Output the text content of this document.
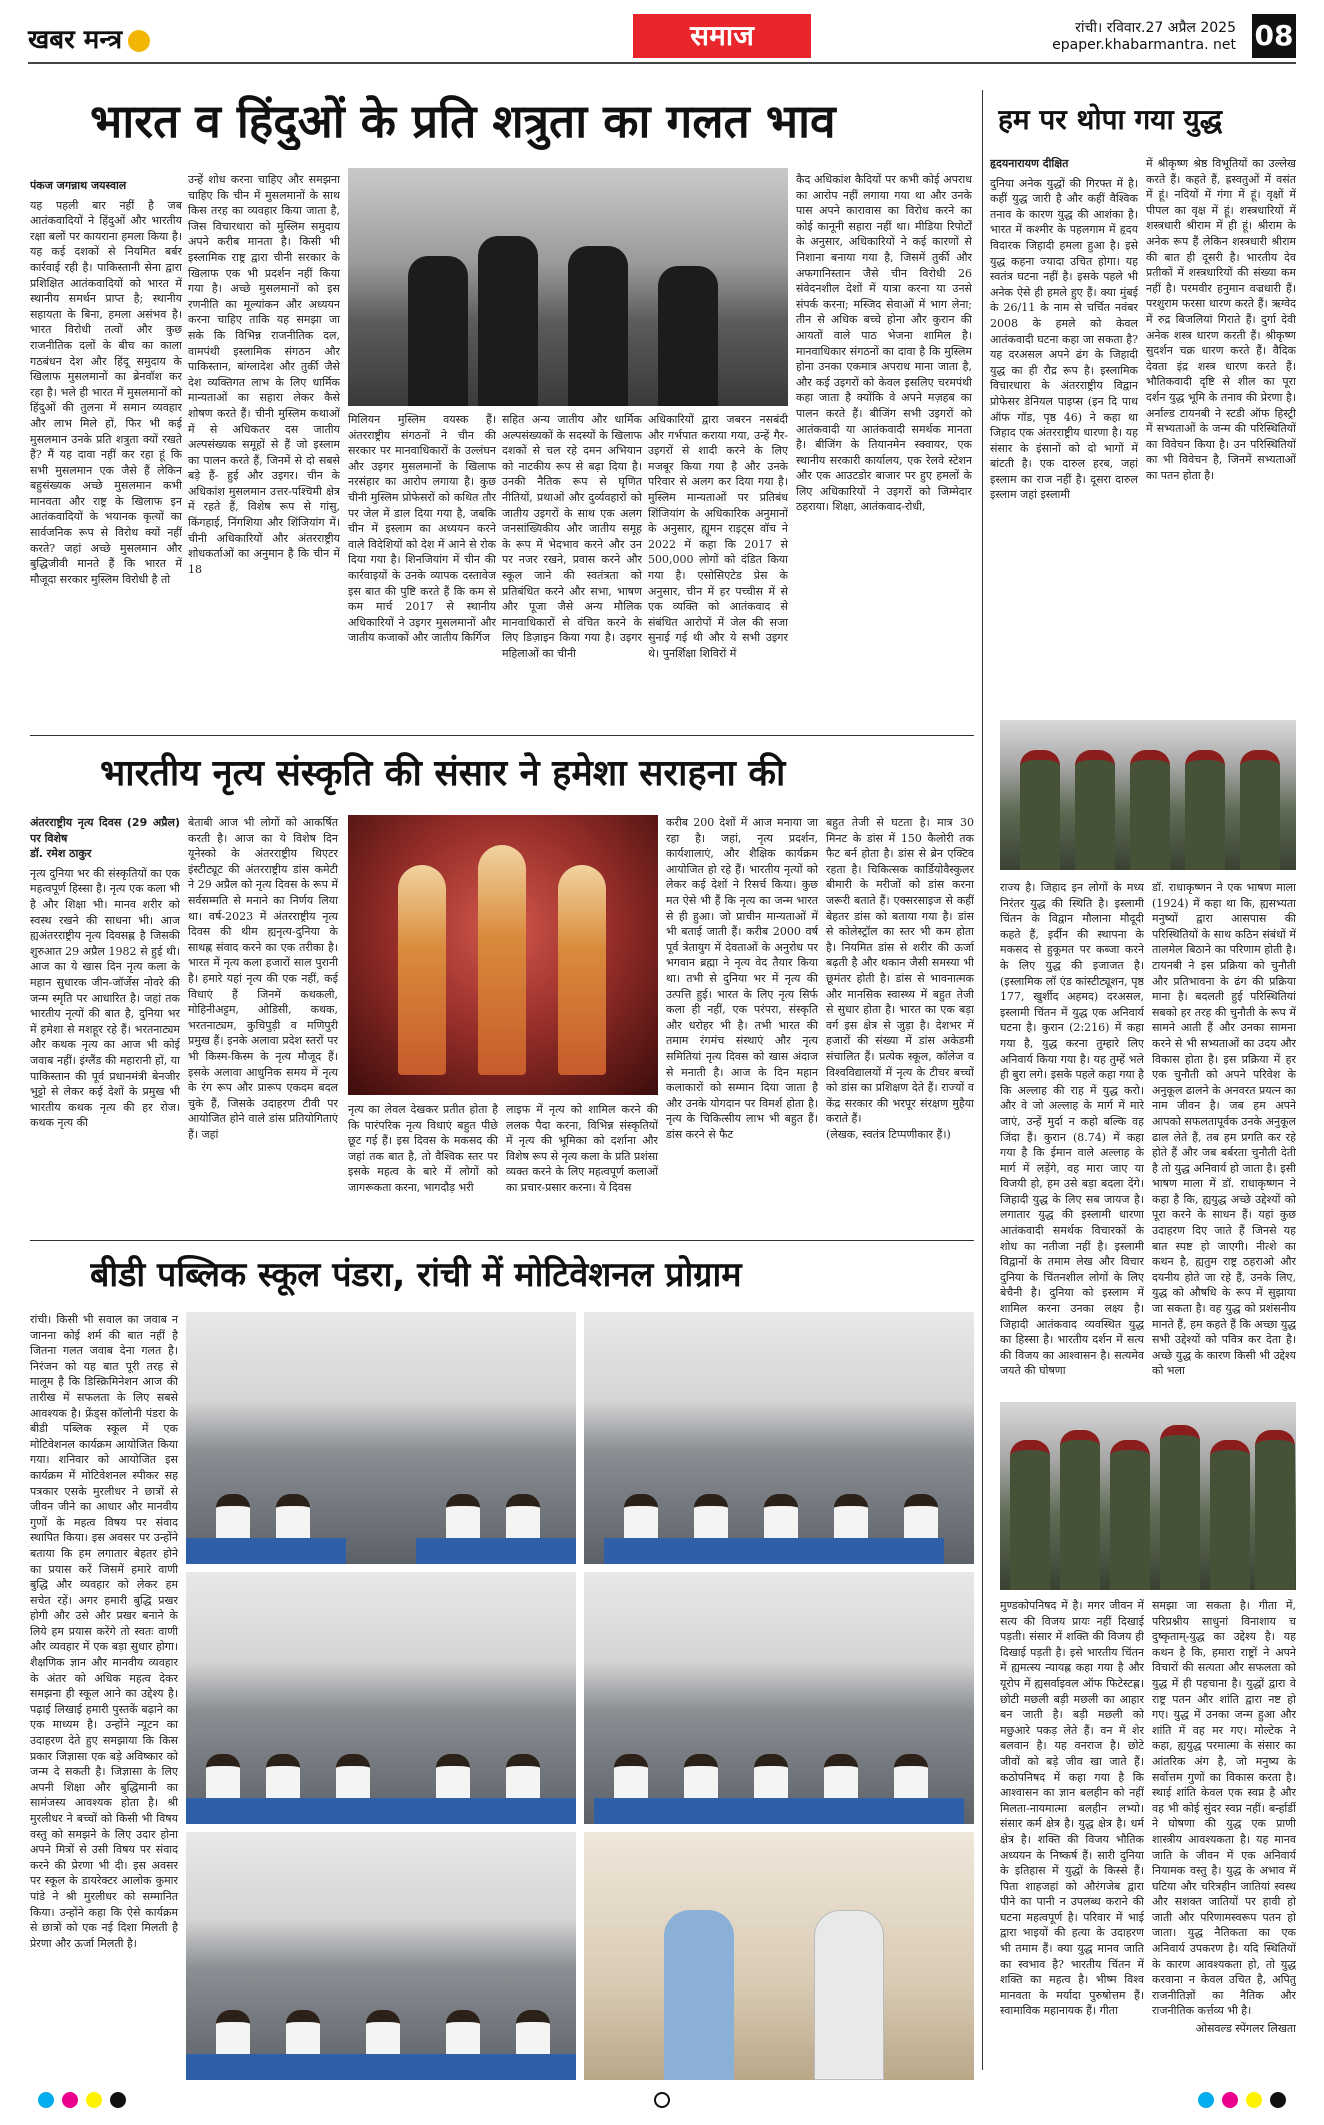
खबर मन्त्र	समाज	रांची। रविवार.27 अप्रैल 2025
epaper.khabarmantra. net 08
भारत व हिंदुओं के प्रति शत्रुता का गलत भाव
पंकज जगन्नाथ जयस्वाल
यह पहली बार नहीं है जब आतंकवादियों ने हिंदुओं और भारतीय रक्षा बलों पर कायराना हमला किया है। यह कई दशकों से नियमित बर्बर कार्रवाई रही है। पाकिस्तानी सेना द्वारा प्रशिक्षित आतंकवादियों को भारत में स्थानीय समर्थन प्राप्त है; स्थानीय सहायता के बिना, हमला असंभव है। भारत विरोधी तत्वों और कुछ राजनीतिक दलों के बीच का काला गठबंधन देश और हिंदू समुदाय के खिलाफ मुसलमानों का ब्रेनवॉश कर रहा है। भले ही भारत में मुसलमानों को हिंदुओं की तुलना में समान व्यवहार और लाभ मिले हों, फिर भी कई मुसलमान उनके प्रति शत्रुता क्यों रखते हैं? मैं यह दावा नहीं कर रहा हूं कि सभी मुसलमान एक जैसे हैं लेकिन बहुसंख्यक अच्छे मुसलमान कभी मानवता और राष्ट्र के खिलाफ इन आतंकवादियों के भयानक कृत्यों का सार्वजनिक रूप से विरोध क्यों नहीं करते? जहां अच्छे मुसलमान और बुद्धिजीवी मानते हैं कि भारत में मौजूदा सरकार मुस्लिम विरोधी है तो
उन्हें शोध करना चाहिए और समझना चाहिए कि चीन में मुसलमानों के साथ किस तरह का व्यवहार किया जाता है, जिस विचारधारा को मुस्लिम समुदाय अपने करीब मानता है। किसी भी इस्लामिक राष्ट्र द्वारा चीनी सरकार के खिलाफ एक भी प्रदर्शन नहीं किया गया है। अच्छे मुसलमानों को इस रणनीति का मूल्यांकन और अध्ययन करना चाहिए ताकि यह समझा जा सके कि विभिन्न राजनीतिक दल, वामपंथी इस्लामिक संगठन और पाकिस्तान, बांग्लादेश और तुर्की जैसे देश व्यक्तिगत लाभ के लिए धार्मिक मान्यताओं का सहारा लेकर कैसे शोषण करते हैं। चीनी मुस्लिम कथाओं में से अधिकतर दस जातीय अल्पसंख्यक समूहों से हैं जो इस्लाम का पालन करते हैं, जिनमें से दो सबसे बड़े हैं- हुई और उइगर। चीन के अधिकांश मुसलमान उत्तर-पश्चिमी क्षेत्र में रहते हैं, विशेष रूप से गांसु, किंगहाई, निंगशिया और शिंजियांग में। चीनी अधिकारियों और अंतरराष्ट्रीय शोधकर्ताओं का अनुमान है कि चीन में 18
मिलियन मुस्लिम वयस्क हैं। अंतरराष्ट्रीय संगठनों ने चीन की सरकार पर मानवाधिकारों के उल्लंघन और उइगर मुसलमानों के खिलाफ नरसंहार का आरोप लगाया है। कुछ चीनी मुस्लिम प्रोफेसरों को कथित तौर पर जेल में डाल दिया गया है, जबकि चीन में इस्लाम का अध्ययन करने वाले विदेशियों को देश में आने से रोक दिया गया है। शिनजियांग में चीन की कार्रवाइयों के उनके व्यापक दस्तावेज इस बात की पुष्टि करते हैं कि कम से कम मार्च 2017 से स्थानीय अधिकारियों ने उइगर मुसलमानों और जातीय कजाकों और जातीय किर्गिज
सहित अन्य जातीय और धार्मिक अल्पसंख्यकों के सदस्यों के खिलाफ दशकों से चल रहे दमन अभियान को नाटकीय रूप से बढ़ा दिया है। उनकी नैतिक रूप से घृणित नीतियों, प्रथाओं और दुर्व्यवहारों को जातीय उइगरों के साथ एक अलग जनसांख्यिकीय और जातीय समूह के रूप में भेदभाव करने और उन पर नजर रखने, प्रवास करने और स्कूल जाने की स्वतंत्रता को प्रतिबंधित करने और सभा, भाषण और पूजा जैसे अन्य मौलिक मानवाधिकारों से वंचित करने के लिए डिज़ाइन किया गया है। उइगर महिलाओं का चीनी
अधिकारियों द्वारा जबरन नसबंदी और गर्भपात कराया गया, उन्हें गैर-उइगरों से शादी करने के लिए मजबूर किया गया है और उनके परिवार से अलग कर दिया गया है। मुस्लिम मान्यताओं पर प्रतिबंध शिंजियांग के अधिकारिक अनुमानों के अनुसार, ह्यूमन राइट्स वॉच ने 2022 में कहा कि 2017 से 500,000 लोगों को दंडित किया गया है। एसोसिएटेड प्रेस के अनुसार, चीन में हर पच्चीस में से एक व्यक्ति को आतंकवाद से संबंधित आरोपों में जेल की सजा सुनाई गई थी और ये सभी उइगर थे। पुनर्शिक्षा शिविरों में
कैद अधिकांश कैदियों पर कभी कोई अपराध का आरोप नहीं लगाया गया था और उनके पास अपने कारावास का विरोध करने का कोई कानूनी सहारा नहीं था। मीडिया रिपोर्टों के अनुसार, अधिकारियों ने कई कारणों से निशाना बनाया गया है, जिसमें तुर्की और अफगानिस्तान जैसे चीन विरोधी 26 संवेदनशील देशों में यात्रा करना या उनसे संपर्क करना; मस्जिद सेवाओं में भाग लेना; तीन से अधिक बच्चे होना और कुरान की आयतों वाले पाठ भेजना शामिल है। मानवाधिकार संगठनों का दावा है कि मुस्लिम होना उनका एकमात्र अपराध माना जाता है, और कई उइगरों को केवल इसलिए चरमपंथी कहा जाता है क्योंकि वे अपने मज़हब का पालन करते हैं। बीजिंग सभी उइगरों को आतंकवादी या आतंकवादी समर्थक मानता है। बीजिंग के तियानमेन स्क्वायर, एक स्थानीय सरकारी कार्यालय, एक रेलवे स्टेशन और एक आउटडोर बाजार पर हुए हमलों के लिए अधिकारियों ने उइगरों को जिम्मेदार ठहराया। शिक्षा, आतंकवाद-रोधी,
हम पर थोपा गया युद्ध
हृदयनारायण दीक्षित
दुनिया अनेक युद्धों की गिरफ्त में है। कहीं युद्ध जारी है और कहीं वैश्विक तनाव के कारण युद्ध की आशंका है। भारत में कश्मीर के पहलगाम में हृदय विदारक जिहादी हमला हुआ है। इसे युद्ध कहना ज्यादा उचित होगा। यह स्वतंत्र घटना नहीं है। इसके पहले भी अनेक ऐसे ही हमले हुए हैं। क्या मुंबई के 26/11 के नाम से चर्चित नवंबर 2008 के हमले को केवल आतंकवादी घटना कहा जा सकता है? यह दरअसल अपने ढंग के जिहादी युद्ध का ही रौद्र रूप है। इस्लामिक विचारधारा के अंतरराष्ट्रीय विद्वान प्रोफेसर डेनियल पाइप्स (इन दि पाथ ऑफ गॉड, पृष्ठ 46) ने कहा था जिहाद एक अंतरराष्ट्रीय धारणा है। यह संसार के इंसानों को दो भागों में बांटती है। एक दारुल हरब, जहां इस्लाम का राज नहीं है। दूसरा दारुल इस्लाम जहां इस्लामी
में श्रीकृष्ण श्रेष्ठ विभूतियों का उल्लेख करते हैं। कहते हैं, ह्रस्वतुओं में वसंत में हूं। नदियों में गंगा में हूं। वृक्षों में पीपल का वृक्ष में हूं। शस्त्रधारियों में शस्त्रधारी श्रीराम में ही हूं। श्रीराम के अनेक रूप हैं लेकिन शस्त्रधारी श्रीराम की बात ही दूसरी है। भारतीय देव प्रतीकों में शस्त्रधारियों की संख्या कम नहीं है। परमवीर हनुमान वज्रधारी हैं। परशुराम फरसा धारण करते हैं। ऋग्वेद में रुद्र बिजलियां गिराते हैं। दुर्गा देवी अनेक शस्त्र धारण करती हैं। श्रीकृष्ण सुदर्शन चक्र धारण करते हैं। वैदिक देवता इंद्र शस्त्र धारण करते हैं। भौतिकवादी दृष्टि से शील का पूरा दर्शन युद्ध भूमि के तनाव की प्रेरणा है। अर्नाल्ड टायनबी ने स्टडी ऑफ हिस्ट्री में सभ्यताओं के जन्म की परिस्थितियों का विवेचन किया है। उन परिस्थितियों का भी विवेचन है, जिनमें सभ्यताओं का पतन होता है।
राज्य है। जिहाद इन लोगों के मध्य निरंतर युद्ध की स्थिति है। इस्लामी चिंतन के विद्वान मौलाना मौदूदी कहते हैं, इर्दीन की स्थापना के मकसद से हुकूमत पर कब्जा करने के लिए युद्ध की इजाजत है। (इस्लामिक लॉ एंड कांस्टीट्यूशन, पृष्ठ 177, खुर्शीद अहमद) दरअसल, इस्लामी चिंतन में युद्ध एक अनिवार्य घटना है। कुरान (2:216) में कहा गया है, युद्ध करना तुम्हारे लिए अनिवार्य किया गया है। यह तुम्हें भले ही बुरा लगे। इसके पहले कहा गया है कि अल्लाह की राह में युद्ध करो। और वे जो अल्लाह के मार्ग में मारे जाएं, उन्हें मुर्दा न कहो बल्कि वह जिंदा हैं। कुरान (8.74) में कहा गया है कि ईमान वाले अल्लाह के मार्ग में लड़ेंगे, वह मारा जाए या विजयी हो, हम उसे बड़ा बदला देंगे। जिहादी युद्ध के लिए सब जायज है। लगातार युद्ध की इस्लामी धारणा आतंकवादी समर्थक विचारकों के शोध का नतीजा नहीं है। इस्लामी विद्वानों के तमाम लेख और विचार दुनिया के चिंतनशील लोगों के लिए बेचैनी है। दुनिया को इस्लाम में शामिल करना उनका लक्ष्य है। जिहादी आतंकवाद व्यवस्थित युद्ध का हिस्सा है। भारतीय दर्शन में सत्य की विजय का आश्वासन है। सत्यमेव जयते की घोषणा
डॉ. राधाकृष्णन ने एक भाषण माला (1924) में कहा था कि, ह्यसभ्यता मनुष्यों द्वारा आसपास की परिस्थितियों के साथ कठिन संबंधों में तालमेल बिठाने का परिणाम होती है। टायनबी ने इस प्रक्रिया को चुनौती और प्रतिभावना के ढंग की प्रक्रिया माना है। बदलती हुई परिस्थितियां सबको हर तरह की चुनौती के रूप में सामने आती हैं और उनका सामना करने से भी सभ्यताओं का उदय और विकास होता है। इस प्रक्रिया में हर एक चुनौती को अपने परिवेश के अनुकूल ढालने के अनवरत प्रयत्न का नाम जीवन है। जब हम अपने आपको सफलतापूर्वक उनके अनुकूल ढाल लेते हैं, तब हम प्रगति कर रहे होते हैं और जब बर्बरता चुनौती देती है तो युद्ध अनिवार्य हो जाता है। इसी भाषण माला में डॉ. राधाकृष्णन ने कहा है कि, ह्ययुद्ध अच्छे उद्देश्यों को पूरा करने के साधन हैं। यहां कुछ उदाहरण दिए जाते हैं जिनसे यह बात स्पष्ट हो जाएगी। नीत्शे का कथन है, ह्यतुम राष्ट्र ठहराओ और दयनीय होते जा रहे हैं, उनके लिए, युद्ध को औषधि के रूप में सुझाया जा सकता है। वह युद्ध को प्रशंसनीय मानते हैं, हम कहते हैं कि अच्छा युद्ध सभी उद्देश्यों को पवित्र कर देता है। अच्छे युद्ध के कारण किसी भी उद्देश्य को भला
मुण्डकोपनिषद में है। मगर जीवन में सत्य की विजय प्रायः नहीं दिखाई पड़ती। संसार में शक्ति की विजय ही दिखाई पड़ती है। इसे भारतीय चिंतन में ह्यमत्स्य न्यायह्ण कहा गया है और यूरोप में ह्यसर्वाइवल ऑफ फिटेस्टह्ण। छोटी मछली बड़ी मछली का आहार बन जाती है। बड़ी मछली को मछुआरे पकड़ लेते हैं। वन में शेर बलवान है। यह वनराज है। छोटे जीवों को बड़े जीव खा जाते हैं। कठोपनिषद में कहा गया है कि आश्वासन का ज्ञान बलहीन को नहीं मिलता-नायमात्मा बलहीन लभ्यो। संसार कर्म क्षेत्र है। युद्ध क्षेत्र है। धर्म क्षेत्र है। शक्ति की विजय भौतिक अध्ययन के निष्कर्ष हैं। सारी दुनिया के इतिहास में युद्धों के किस्से हैं। पिता शाहजहां को औरंगजेब द्वारा पीने का पानी न उपलब्ध कराने की घटना महत्वपूर्ण है। परिवार में भाई द्वारा भाइयों की हत्या के उदाहरण भी तमाम हैं। क्या युद्ध मानव जाति का स्वभाव है? भारतीय चिंतन में शक्ति का महत्व है। भीष्म विश्व मानवता के मर्यादा पुरुषोत्तम हैं। स्वामाविक महानायक हैं। गीता
समझा जा सकता है। गीता में, परिप्रश्नीय साधुनां विनाशाय च दुष्कृताम्-युद्ध का उद्देश्य है। यह कथन है कि, हमारा राष्ट्रों ने अपने विचारों की सत्यता और सफलता को युद्ध में ही पहचाना है। युद्धों द्वारा वे राष्ट्र पतन और शांति द्वारा नष्ट हो गए। युद्ध में उनका जन्म हुआ और शांति में वह मर गए। मोल्टेक ने कहा, ह्ययुद्ध परमात्मा के संसार का आंतरिक अंग है, जो मनुष्य के सर्वोत्तम गुणों का विकास करता है। स्थाई शांति केवल एक स्वप्न है और वह भी कोई सुंदर स्वप्न नहीं। बर्न्हार्डी ने घोषणा की युद्ध एक प्राणी शास्त्रीय आवश्यकता है। यह मानव जाति के जीवन में एक अनिवार्य नियामक वस्तु है। युद्ध के अभाव में घटिया और चरित्रहीन जातियां स्वस्थ और सशक्त जातियों पर हावी हो जाती और परिणामस्वरूप पतन हो जाता। युद्ध नैतिकता का एक अनिवार्य उपकरण है। यदि स्थितियों के कारण आवश्यकता हो, तो युद्ध करवाना न केवल उचित है, अपितु राजनीतिज्ञों का नैतिक और राजनीतिक कर्त्तव्य भी है।
ओसवल्ड स्पेंगलर लिखता
भारतीय नृत्य संस्कृति की संसार ने हमेशा सराहना की
अंतरराष्ट्रीय नृत्य दिवस (29 अप्रैल) पर विशेष
डॉ. रमेश ठाकुर
नृत्य दुनिया भर की संस्कृतियों का एक महत्वपूर्ण हिस्सा है। नृत्य एक कला भी है और शिक्षा भी। मानव शरीर को स्वस्थ रखने की साधना भी। आज ह्यअंतरराष्ट्रीय नृत्य दिवसह्ण है जिसकी शुरुआत 29 अप्रैल 1982 से हुई थी। आज का ये खास दिन नृत्य कला के महान सुधारक जीन-जॉर्जेस नोवरे की जन्म स्मृति पर आधारित है। जहां तक भारतीय नृत्यों की बात है, दुनिया भर में हमेशा से मशहूर रहे हैं। भरतनाट्यम और कथक नृत्य का आज भी कोई जवाब नहीं। इंग्लैंड की महारानी हों, या पाकिस्तान की पूर्व प्रधानमंत्री बेनजीर भुट्टो से लेकर कई देशों के प्रमुख भी भारतीय कथक नृत्य की हर रोज। कथक नृत्य की
बेताबी आज भी लोगों को आकर्षित करती है। आज का ये विशेष दिन यूनेस्को के अंतरराष्ट्रीय थिएटर इंस्टीट्यूट की अंतरराष्ट्रीय डांस कमेटी ने 29 अप्रैल को नृत्य दिवस के रूप में सर्वसम्मति से मनाने का निर्णय लिया था। वर्ष-2023 में अंतरराष्ट्रीय नृत्य दिवस की थीम ह्यनृत्य-दुनिया के साथह्ण संवाद करने का एक तरीका है। भारत में नृत्य कला हजारों साल पुरानी है। हमारे यहां नृत्य की एक नहीं, कई विधाएं हैं जिनमें कथकली, मोहिनीअट्टम, ओडिसी, कथक, भरतनाट्यम, कुचिपुड़ी व मणिपुरी प्रमुख हैं। इनके अलावा प्रदेश स्तरों पर भी किस्म-किस्म के नृत्य मौजूद हैं। इसके अलावा आधुनिक समय में नृत्य के रंग रूप और प्रारूप एकदम बदल चुके हैं, जिसके उदाहरण टीवी पर आयोजित होने वाले डांस प्रतियोगिताएं हैं। जहां
नृत्य का लेवल देखकर प्रतीत होता है कि पारंपरिक नृत्य विधाएं बहुत पीछे छूट गई हैं। इस दिवस के मकसद की जहां तक बात है, तो वैश्विक स्तर पर इसके महत्व के बारे में लोगों को जागरूकता करना, भागदौड़ भरी
लाइफ में नृत्य को शामिल करने की ललक पैदा करना, विभिन्न संस्कृतियों में नृत्य की भूमिका को दर्शाना और विशेष रूप से नृत्य कला के प्रति प्रशंसा व्यक्त करने के लिए महत्वपूर्ण कलाओं का प्रचार-प्रसार करना। ये दिवस
करीब 200 देशों में आज मनाया जा रहा है। जहां, नृत्य प्रदर्शन, कार्यशालाएं, और शैक्षिक कार्यक्रम आयोजित हो रहे हैं। भारतीय नृत्यों को लेकर कई देशों ने रिसर्च किया। कुछ मत ऐसे भी हैं कि नृत्य का जन्म भारत से ही हुआ। जो प्राचीन मान्यताओं में भी बताई जाती हैं। करीब 2000 वर्ष पूर्व त्रेतायुग में देवताओं के अनुरोध पर भगवान ब्रह्मा ने नृत्य वेद तैयार किया था। तभी से दुनिया भर में नृत्य की उत्पत्ति हुई। भारत के लिए नृत्य सिर्फ कला ही नहीं, एक परंपरा, संस्कृति और धरोहर भी है। तभी भारत की तमाम रंगमंच संस्थाएं और नृत्य समितियां नृत्य दिवस को खास अंदाज से मनाती है। आज के दिन महान कलाकारों को सम्मान दिया जाता है और उनके योगदान पर विमर्श होता है। नृत्य के चिकित्सीय लाभ भी बहुत हैं। डांस करने से फैट
बहुत तेजी से घटता है। मात्र 30 मिनट के डांस में 150 कैलोरी तक फैट बर्न होता है। डांस से ब्रेन एक्टिव रहता है। चिकित्सक कार्डियोवैस्कुलर बीमारी के मरीजों को डांस करना जरूरी बताते हैं। एक्सरसाइज से कहीं बेहतर डांस को बताया गया है। डांस से कोलेस्ट्रॉल का स्तर भी कम होता है। नियमित डांस से शरीर की ऊर्जा बढ़ती है और थकान जैसी समस्या भी छूमंतर होती है। डांस से भावनात्मक और मानसिक स्वास्थ्य में बहुत तेजी से सुधार होता है। भारत का एक बड़ा वर्ग इस क्षेत्र से जुड़ा है। देशभर में हजारों की संख्या में डांस अकेडमी संचालित हैं। प्रत्येक स्कूल, कॉलेज व विश्वविद्यालयों में नृत्य के टीचर बच्चों को डांस का प्रशिक्षण देते हैं। राज्यों व केंद्र सरकार की भरपूर संरक्षण मुहैया कराते हैं।
(लेखक, स्वतंत्र टिप्पणीकार हैं।)
बीडी पब्लिक स्कूल पंडरा, रांची में मोटिवेशनल प्रोग्राम
रांची। किसी भी सवाल का जवाब न जानना कोई शर्म की बात नहीं है जितना गलत जवाब देना गलत है। निरंजन को यह बात पूरी तरह से मालूम है कि डिस्क्रिमिनेशन आज की तारीख में सफलता के लिए सबसे आवश्यक है। फ्रेंड्स कॉलोनी पंडरा के बीडी पब्लिक स्कूल में एक मोटिवेशनल कार्यक्रम आयोजित किया गया। शनिवार को आयोजित इस कार्यक्रम में मोटिवेशनल स्पीकर सह पत्रकार एसके मुरलीधर ने छात्रों से जीवन जीने का आधार और मानवीय गुणों के महत्व विषय पर संवाद स्थापित किया। इस अवसर पर उन्होंने बताया कि हम लगातार बेहतर होने का प्रयास करें जिसमें हमारे वाणी बुद्धि और व्यवहार को लेकर हम सचेत रहें। अगर हमारी बुद्धि प्रखर होगी और उसे और प्रखर बनाने के लिये हम प्रयास करेंगे तो स्वतः वाणी और व्यवहार में एक बड़ा सुधार होगा। शैक्षणिक ज्ञान और मानवीय व्यवहार के अंतर को अधिक महत्व देकर समझना ही स्कूल आने का उद्देश्य है। पढ़ाई लिखाई हमारी पुस्तकें बढ़ाने का एक माध्यम है। उन्होंने न्यूटन का उदाहरण देते हुए समझाया कि किस प्रकार जिज्ञासा एक बड़े अविष्कार को जन्म दे सकती है। जिज्ञासा के लिए अपनी शिक्षा और बुद्धिमानी का सामंजस्य आवश्यक होता है। श्री मुरलीधर ने बच्चों को किसी भी विषय वस्तु को समझने के लिए उदार होना अपने मित्रों से उसी विषय पर संवाद करने की प्रेरणा भी दी। इस अवसर पर स्कूल के डायरेक्टर आलोक कुमार पांडे ने श्री मुरलीधर को सम्मानित किया। उन्होंने कहा कि ऐसे कार्यक्रम से छात्रों को एक नई दिशा मिलती है प्रेरणा और ऊर्जा मिलती है।
